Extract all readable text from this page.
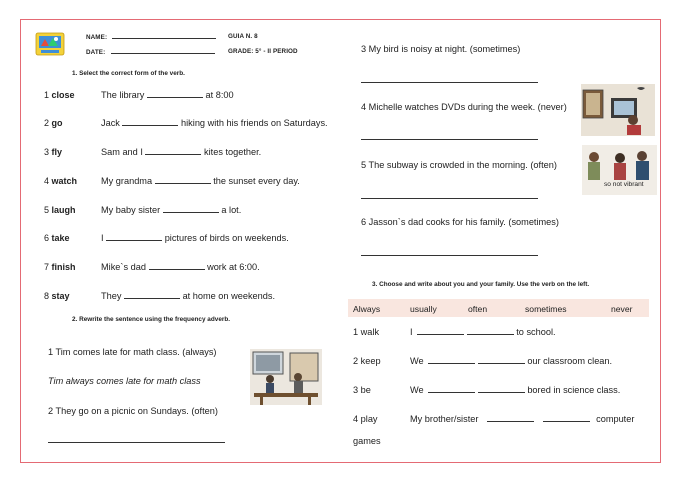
NAME:	GUIA N. 8
DATE:	GRADE: 5° - II PERIOD
1. Select the correct form of the verb.
1 close	The library	at 8:00
2 go	Jack	hiking with his friends on Saturdays.
3 fly	Sam and I	kites together.
4 watch	My grandma	the sunset every day.
5 laugh	My baby sister	a lot.
6 take	I	pictures of birds on weekends.
7 finish	Mike`s dad	work at 6:00.
8 stay	They	at home on weekends.
2. Rewrite the sentence using the frequency adverb.
1 Tim comes late for math class. (always)
Tim always comes late for math class
2 They go on a picnic on Sundays. (often)
3 My bird is noisy at night. (sometimes)
4 Michelle watches DVDs during the week. (never)
5 The subway is crowded in the morning. (often)
so not vibrant
6 Jasson`s dad cooks for his family. (sometimes)
3. Choose and write about you and your family. Use the verb on the left.
Always	usually	often	sometimes	never
1 walk	I	to school.
2 keep	We	our classroom clean.
3 be	We	bored in science class.
4 play	My brother/sister	computer
games
